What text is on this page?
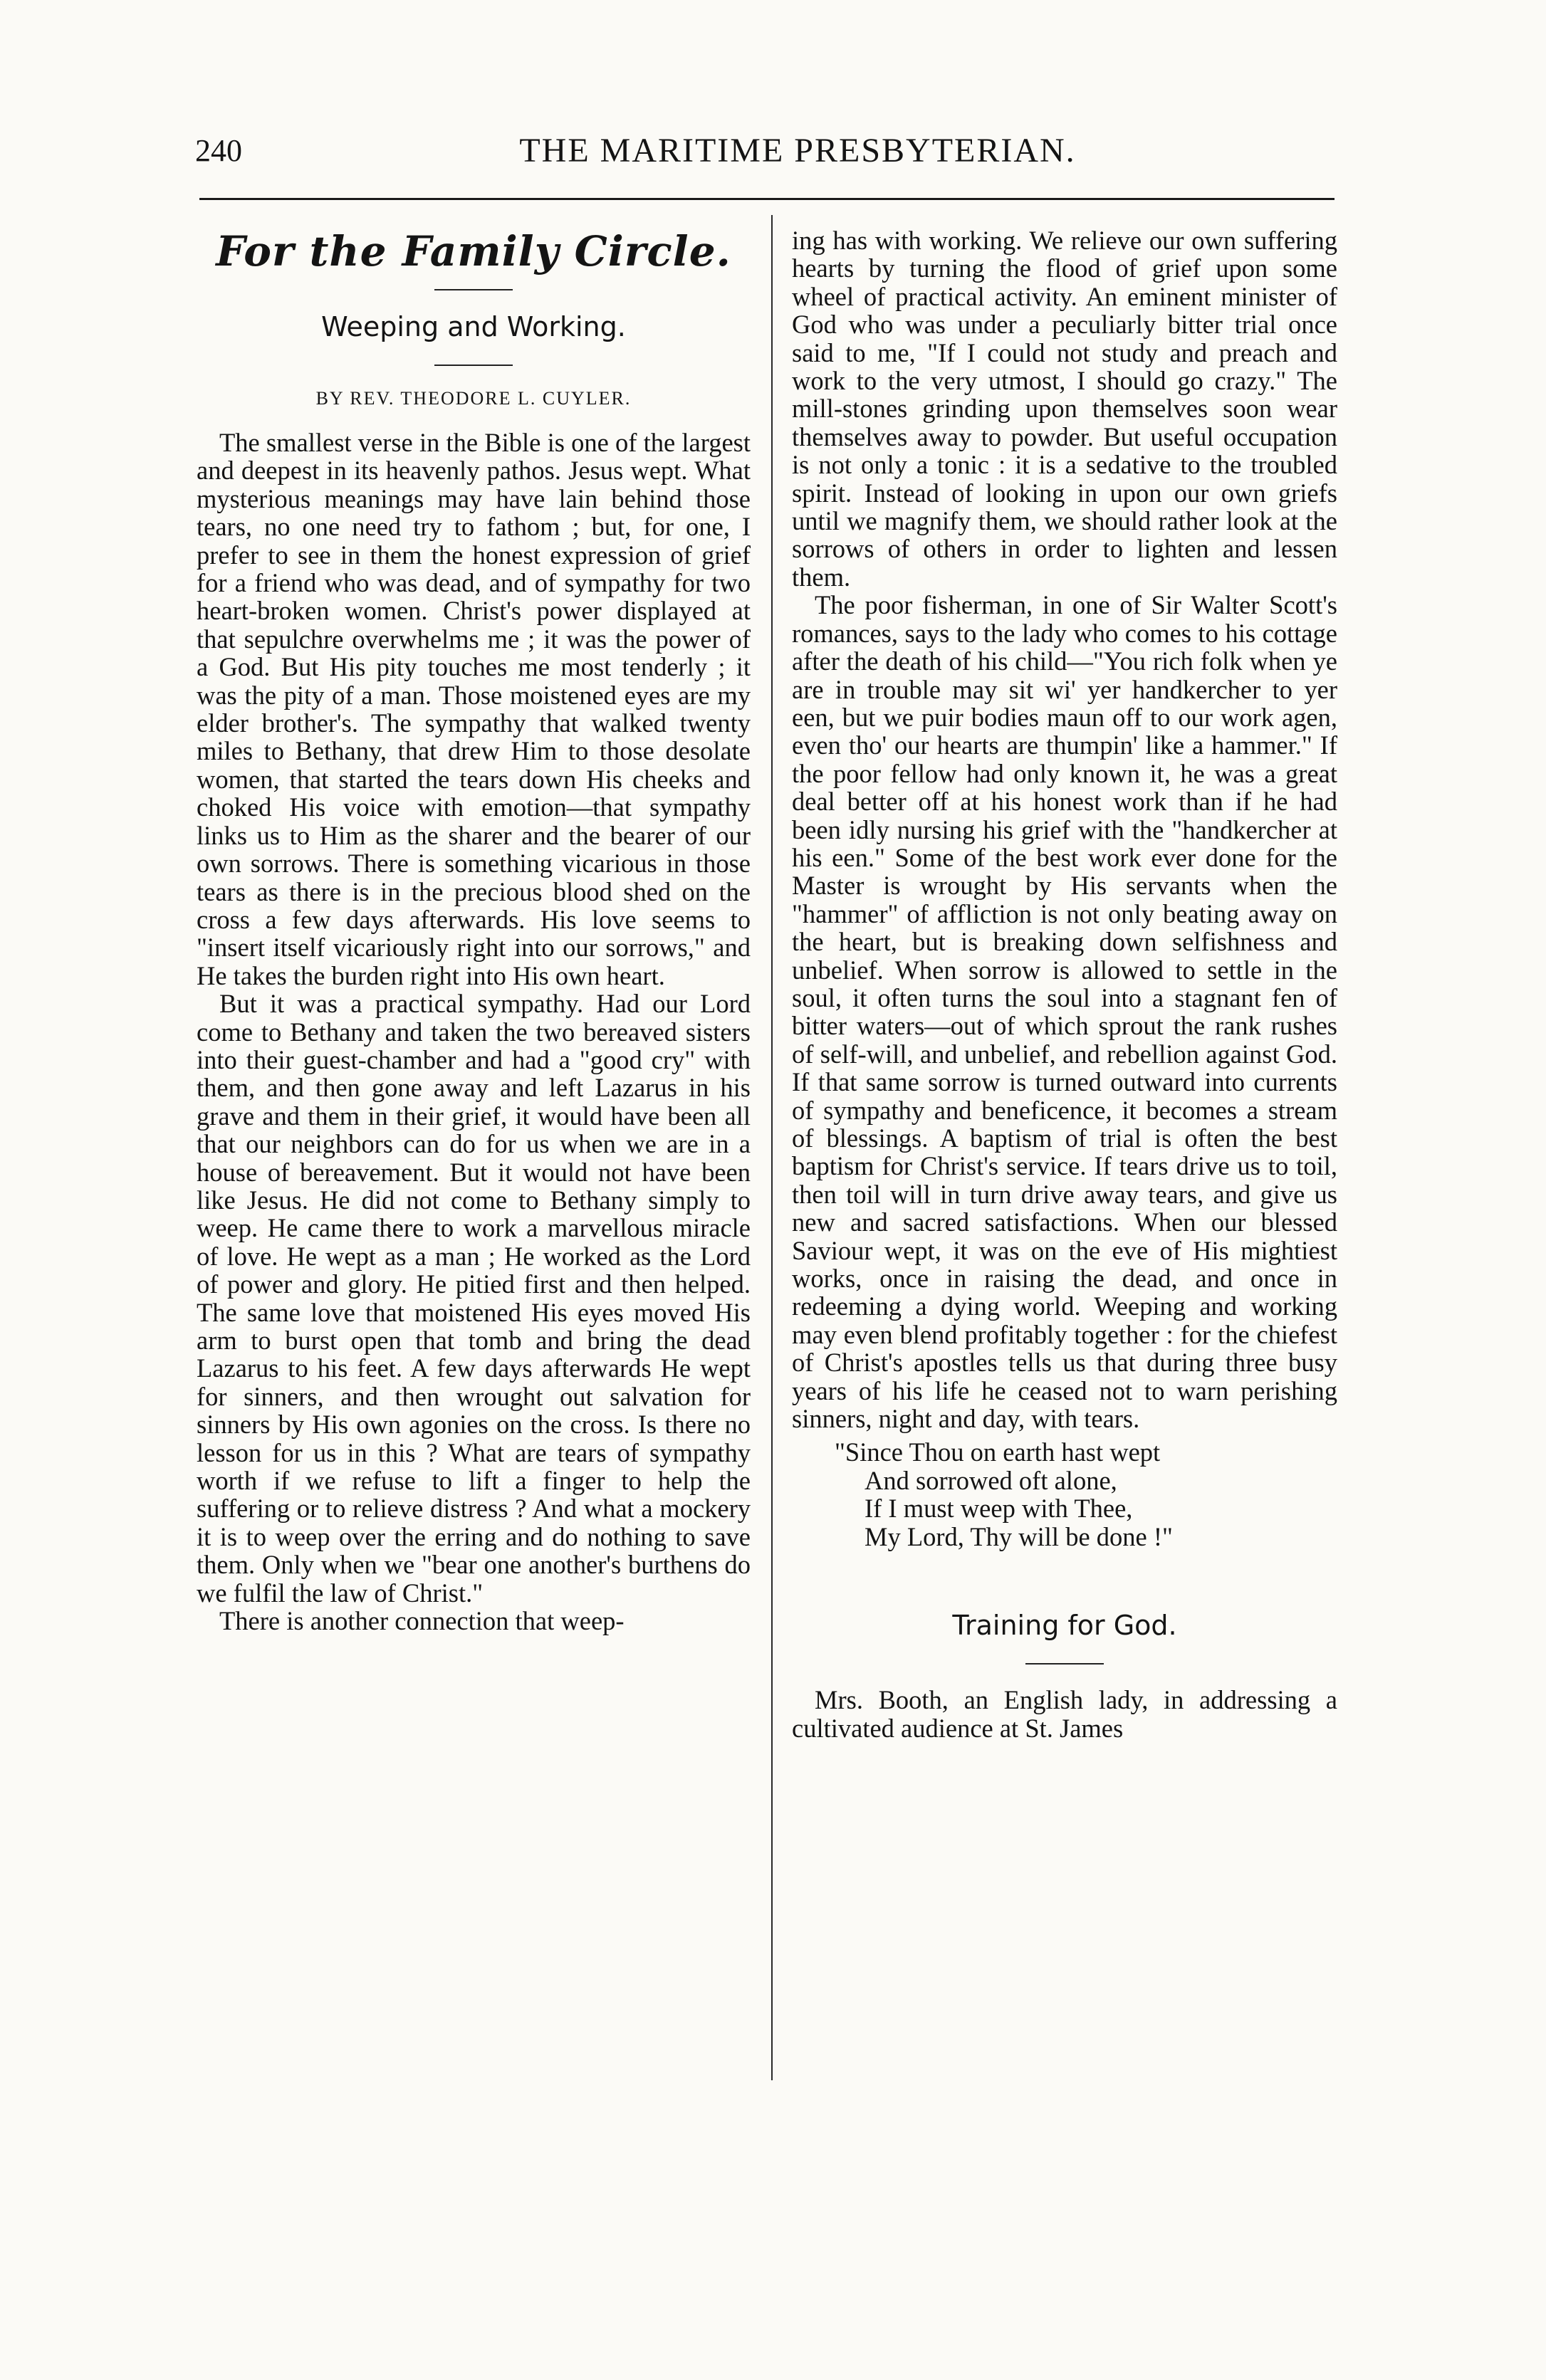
240	THE MARITIME PRESBYTERIAN.
For the Family Circle.
Weeping and Working.
BY REV. THEODORE L. CUYLER.

The smallest verse in the Bible is one of the largest and deepest in its heavenly pathos. Jesus wept. What mysterious meanings may have lain behind those tears, no one need try to fathom ; but, for one, I prefer to see in them the honest expression of grief for a friend who was dead, and of sympathy for two heart-broken women. Christ's power displayed at that sepulchre overwhelms me ; it was the power of a God. But His pity touches me most tenderly ; it was the pity of a man. Those moistened eyes are my elder brother's. The sympathy that walked twenty miles to Bethany, that drew Him to those desolate women, that started the tears down His cheeks and choked His voice with emotion—that sympathy links us to Him as the sharer and the bearer of our own sorrows. There is something vicarious in those tears as there is in the precious blood shed on the cross a few days afterwards. His love seems to "insert itself vicariously right into our sorrows," and He takes the burden right into His own heart.

But it was a practical sympathy. Had our Lord come to Bethany and taken the two bereaved sisters into their guest-chamber and had a "good cry" with them, and then gone away and left Lazarus in his grave and them in their grief, it would have been all that our neighbors can do for us when we are in a house of bereavement. But it would not have been like Jesus. He did not come to Bethany simply to weep. He came there to work a marvellous miracle of love. He wept as a man ; He worked as the Lord of power and glory. He pitied first and then helped. The same love that moistened His eyes moved His arm to burst open that tomb and bring the dead Lazarus to his feet. A few days afterwards He wept for sinners, and then wrought out salvation for sinners by His own agonies on the cross. Is there no lesson for us in this ? What are tears of sympathy worth if we refuse to lift a finger to help the suffering or to relieve distress ? And what a mockery it is to weep over the erring and do nothing to save them. Only when we "bear one another's burthens do we fulfil the law of Christ."

There is another connection that weep-

ing has with working. We relieve our own suffering hearts by turning the flood of grief upon some wheel of practical activity. An eminent minister of God who was under a peculiarly bitter trial once said to me, "If I could not study and preach and work to the very utmost, I should go crazy." The mill-stones grinding upon themselves soon wear themselves away to powder. But useful occupation is not only a tonic : it is a sedative to the troubled spirit. Instead of looking in upon our own griefs until we magnify them, we should rather look at the sorrows of others in order to lighten and lessen them.

The poor fisherman, in one of Sir Walter Scott's romances, says to the lady who comes to his cottage after the death of his child—"You rich folk when ye are in trouble may sit wi' yer handkercher to yer een, but we puir bodies maun off to our work agen, even tho' our hearts are thumpin' like a hammer." If the poor fellow had only known it, he was a great deal better off at his honest work than if he had been idly nursing his grief with the "handkercher at his een." Some of the best work ever done for the Master is wrought by His servants when the "hammer" of affliction is not only beating away on the heart, but is breaking down selfishness and unbelief. When sorrow is allowed to settle in the soul, it often turns the soul into a stagnant fen of bitter waters—out of which sprout the rank rushes of self-will, and unbelief, and rebellion against God. If that same sorrow is turned outward into currents of sympathy and beneficence, it becomes a stream of blessings. A baptism of trial is often the best baptism for Christ's service. If tears drive us to toil, then toil will in turn drive away tears, and give us new and sacred satisfactions. When our blessed Saviour wept, it was on the eve of His mightiest works, once in raising the dead, and once in redeeming a dying world. Weeping and working may even blend profitably together : for the chiefest of Christ's apostles tells us that during three busy years of his life he ceased not to warn perishing sinners, night and day, with tears.

"Since Thou on earth hast wept
And sorrowed oft alone,
If I must weep with Thee,
My Lord, Thy will be done !"
Training for God.

Mrs. Booth, an English lady, in addressing a cultivated audience at St. James
